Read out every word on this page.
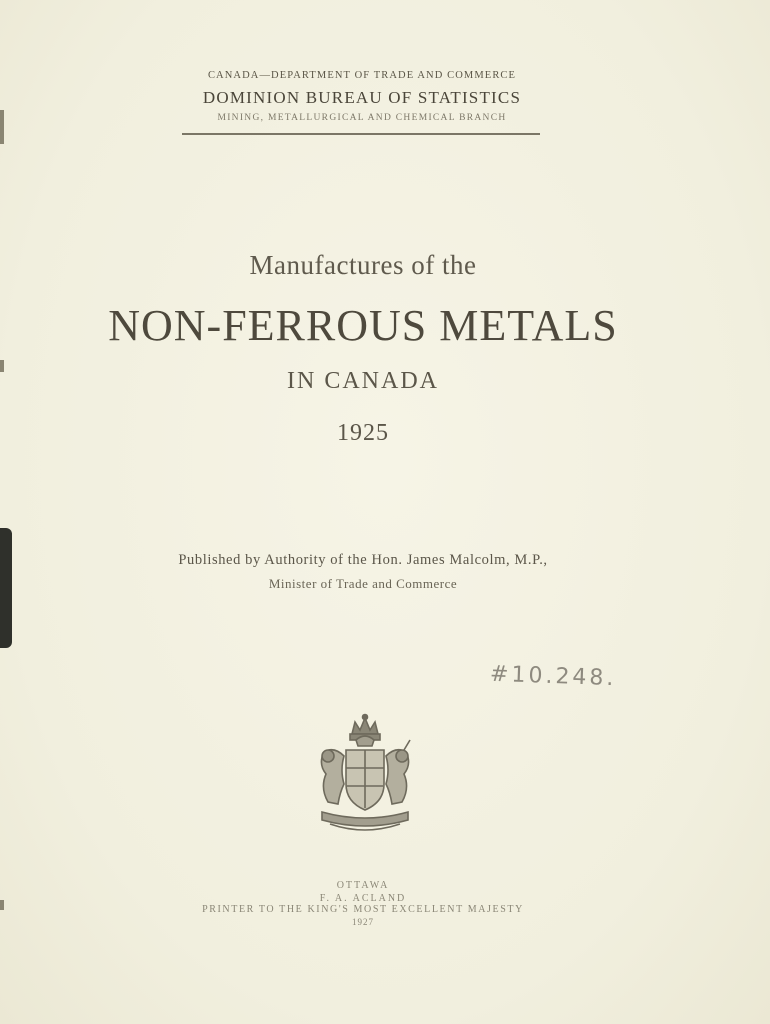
CANADA—DEPARTMENT OF TRADE AND COMMERCE
DOMINION BUREAU OF STATISTICS
MINING, METALLURGICAL AND CHEMICAL BRANCH
Manufactures of the
NON-FERROUS METALS
IN CANADA
1925
Published by Authority of the Hon. James Malcolm, M.P.,
Minister of Trade and Commerce
#10.248.
OTTAWA
F. A. ACLAND
PRINTER TO THE KING'S MOST EXCELLENT MAJESTY
1927
